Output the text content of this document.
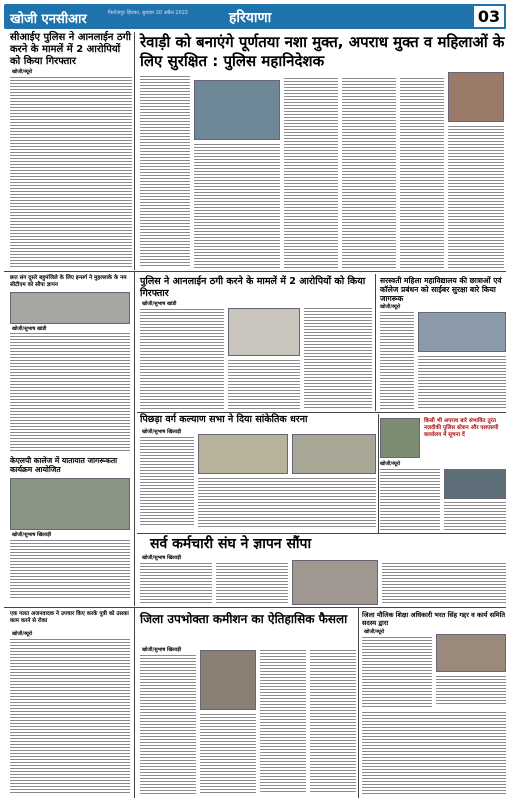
खोजी एनसीआर	फिरोजपुर झिरका, बुधवार 20 अप्रैल 2022	हरियाणा	03
सीआईए पुलिस ने आनलाईन ठगी करने के मामलें में 2 आरोपियों को किया गिरफ्तार
खोजी/ब्यूरो
रेवाड़ी को बनाएंगे पूर्णतया नशा मुक्त, अपराध मुक्त व महिलाओं के लिए सुरक्षित : पुलिस महानिदेशक
छत्त संग दूसरे बहुमंजिले के लिए इन्सर्ग ने मुहल्लाके के नम सीटीएम को सौपा ज्ञापन
खोजी/सुभाष खांडी
पुलिस ने आनलाईन ठगी करने के मामलें में 2 आरोपियों को किया गिरफ्तार
खोजी/सुभाष खांडी
सरस्वती महिला महाविद्यालय की छात्राओं एवं कॉलेज प्रबंधन को साईबर सुरक्षा बारे किया जागरूक
खोजी/ब्यूरो
पिछड़ा वर्ग कल्याण सभा ने दिया सांकेतिक धरना
खोजी/सुभाष खिलाड़ी
किसी भी अपराध बारे संभावित तुरंत नज़दीकी पुलिस स्टेशन और एसएसपी कार्यालय में सूचना दें
खोजी/ब्यूरो
केएलपी कालेज में यातायात जागरूकता कार्यक्रम आयोजित
खोजी/सुभाष खिलाड़ी
सर्व कर्मचारी संघ ने ज्ञापन सौंपा
खोजी/सुभाष खिलाड़ी
एक गलत अजनवादक ने उपचार किए करके पुत्री को उसका काम करने से रोका
खोजी/ब्यूरो
जिला उपभोक्ता कमीशन का ऐतिहासिक फैसला
खोजी/सुभाष खिलाड़ी
जिला मौलिक शिक्षा अधिकारी भरत सिंह गद्दर व कार्य समिति सदस्य द्वारा
खोजी/ब्यूरो
